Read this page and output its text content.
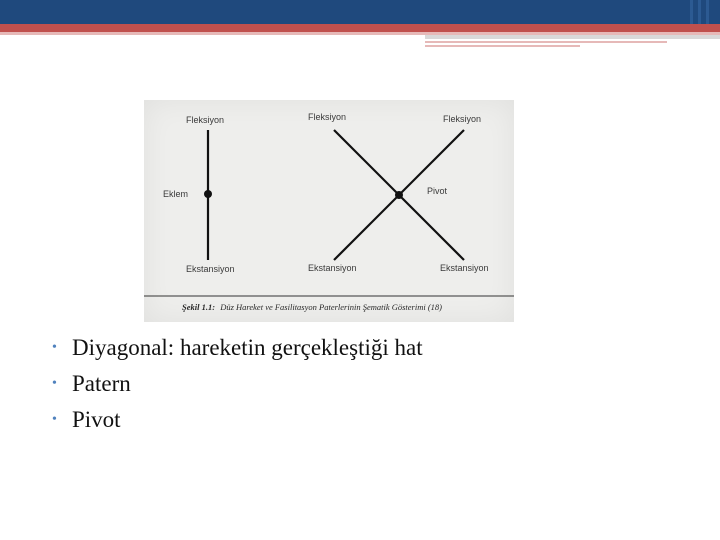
Fleksiyon
Eklem
Ekstansiyon
Fleksiyon	Fleksiyon
Pivot
Ekstansiyon	Ekstansiyon
Şekil 1.1: Düz Hareket ve Fasilitasyon Paterlerinin Şematik Gösterimi (18)
• Diyagonal: hareketin gerçekleştiği hat
• Patern
• Pivot
